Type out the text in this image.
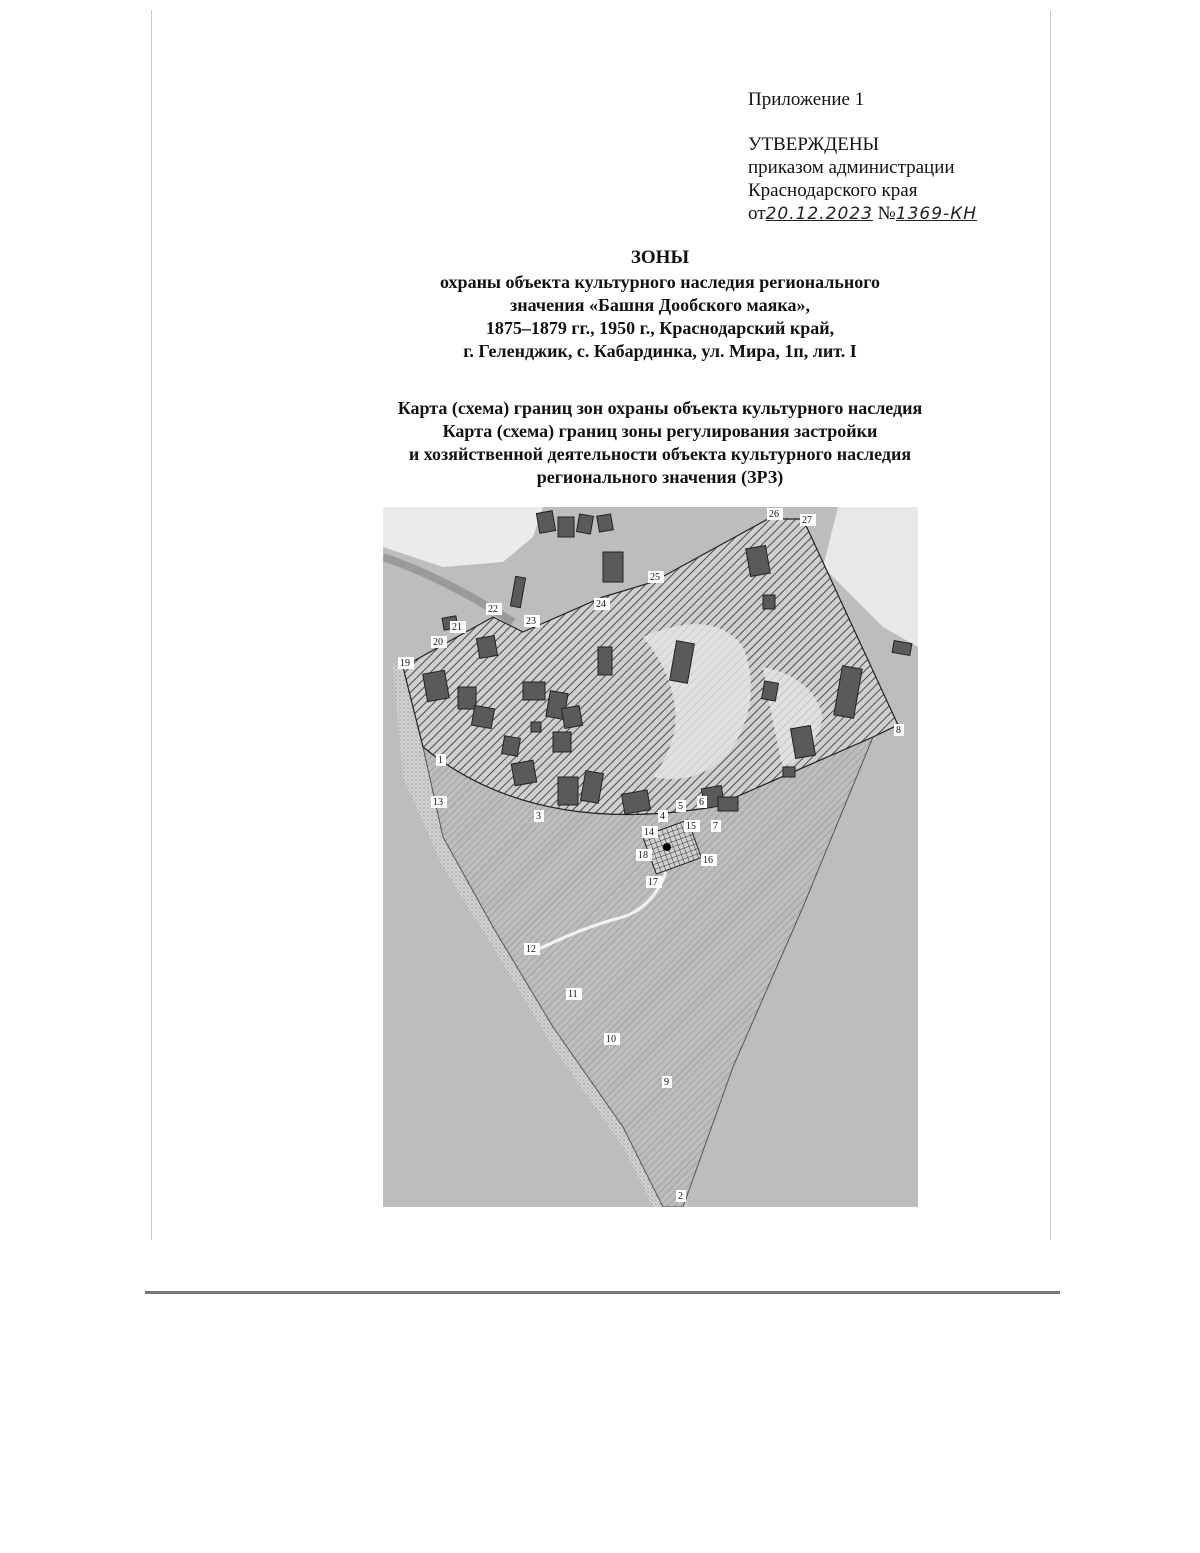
Приложение 1
УТВЕРЖДЕНЫ
приказом администрации
Краснодарского края
от20.12.2023 №1369-КН
ЗОНЫ
охраны объекта культурного наследия регионального
значения «Башня Дообского маяка»,
1875–1879 гг., 1950 г., Краснодарский край,
г. Геленджик, с. Кабардинка, ул. Мира, 1п, лит. I
Карта (схема) границ зон охраны объекта культурного наследия
Карта (схема) границ зоны регулирования застройки
и хозяйственной деятельности объекта культурного наследия
регионального значения (ЗРЗ)
1
2
3	4
5 6
7
8
9
10
11
12
13
14
15
16
17
18
19
20
21
22
23
24
25
26
27
